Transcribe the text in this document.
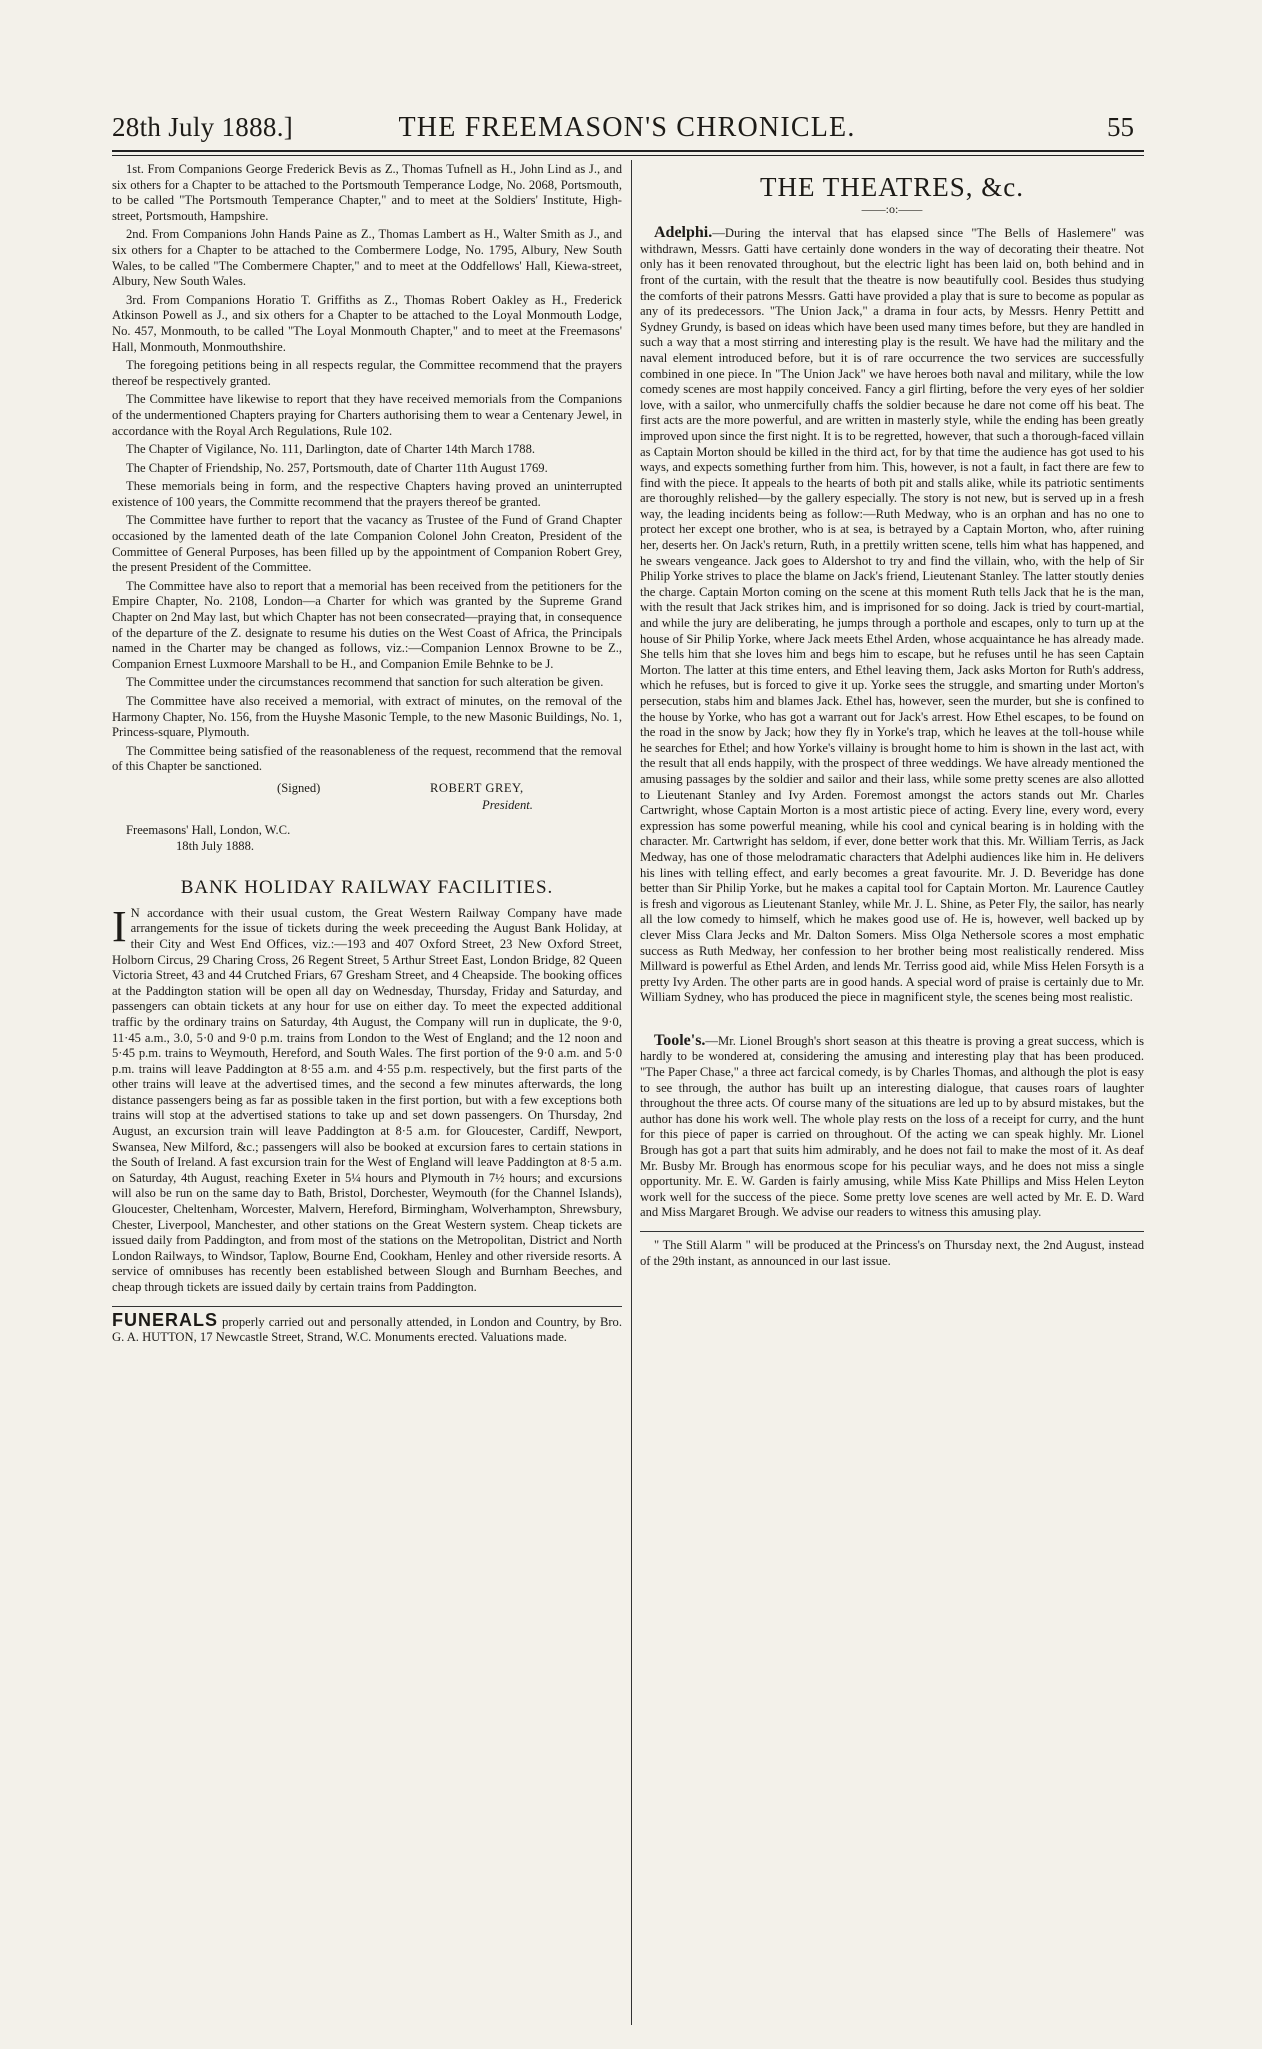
28th July 1888.]	THE FREEMASON'S CHRONICLE.	55

1st. From Companions George Frederick Bevis as Z., Thomas Tufnell as H., John Lind as J., and six others for a Chapter to be attached to the Portsmouth Temperance Lodge, No. 2068, Portsmouth, to be called "The Portsmouth Temperance Chapter," and to meet at the Soldiers' Institute, High-street, Portsmouth, Hampshire.

2nd. From Companions John Hands Paine as Z., Thomas Lambert as H., Walter Smith as J., and six others for a Chapter to be attached to the Combermere Lodge, No. 1795, Albury, New South Wales, to be called "The Combermere Chapter," and to meet at the Oddfellows' Hall, Kiewa-street, Albury, New South Wales.

3rd. From Companions Horatio T. Griffiths as Z., Thomas Robert Oakley as H., Frederick Atkinson Powell as J., and six others for a Chapter to be attached to the Loyal Monmouth Lodge, No. 457, Monmouth, to be called "The Loyal Monmouth Chapter," and to meet at the Freemasons' Hall, Monmouth, Monmouthshire.

The foregoing petitions being in all respects regular, the Committee recommend that the prayers thereof be respectively granted.

The Committee have likewise to report that they have received memorials from the Companions of the undermentioned Chapters praying for Charters authorising them to wear a Centenary Jewel, in accordance with the Royal Arch Regulations, Rule 102.

The Chapter of Vigilance, No. 111, Darlington, date of Charter 14th March 1788.

The Chapter of Friendship, No. 257, Portsmouth, date of Charter 11th August 1769.

These memorials being in form, and the respective Chapters having proved an uninterrupted existence of 100 years, the Committe recommend that the prayers thereof be granted.

The Committee have further to report that the vacancy as Trustee of the Fund of Grand Chapter occasioned by the lamented death of the late Companion Colonel John Creaton, President of the Committee of General Purposes, has been filled up by the appointment of Companion Robert Grey, the present President of the Committee.

The Committee have also to report that a memorial has been received from the petitioners for the Empire Chapter, No. 2108, London—a Charter for which was granted by the Supreme Grand Chapter on 2nd May last, but which Chapter has not been consecrated—praying that, in consequence of the departure of the Z. designate to resume his duties on the West Coast of Africa, the Principals named in the Charter may be changed as follows, viz.:—Companion Lennox Browne to be Z., Companion Ernest Luxmoore Marshall to be H., and Companion Emile Behnke to be J.

The Committee under the circumstances recommend that sanction for such alteration be given.

The Committee have also received a memorial, with extract of minutes, on the removal of the Harmony Chapter, No. 156, from the Huyshe Masonic Temple, to the new Masonic Buildings, No. 1, Princess-square, Plymouth.

The Committee being satisfied of the reasonableness of the request, recommend that the removal of this Chapter be sanctioned.

(Signed)	ROBERT GREY,
President.
Freemasons' Hall, London, W.C.
18th July 1888.
BANK HOLIDAY RAILWAY FACILITIES.

I N accordance with their usual custom, the Great Western Railway Company have made arrangements for the issue of tickets during the week preceeding the August Bank Holiday, at their City and West End Offices, viz.:—193 and 407 Oxford Street, 23 New Oxford Street, Holborn Circus, 29 Charing Cross, 26 Regent Street, 5 Arthur Street East, London Bridge, 82 Queen Victoria Street, 43 and 44 Crutched Friars, 67 Gresham Street, and 4 Cheapside. The booking offices at the Paddington station will be open all day on Wednesday, Thursday, Friday and Saturday, and passengers can obtain tickets at any hour for use on either day. To meet the expected additional traffic by the ordinary trains on Saturday, 4th August, the Company will run in duplicate, the 9·0, 11·45 a.m., 3.0, 5·0 and 9·0 p.m. trains from London to the West of England; and the 12 noon and 5·45 p.m. trains to Weymouth, Hereford, and South Wales. The first portion of the 9·0 a.m. and 5·0 p.m. trains will leave Paddington at 8·55 a.m. and 4·55 p.m. respectively, but the first parts of the other trains will leave at the advertised times, and the second a few minutes afterwards, the long distance passengers being as far as possible taken in the first portion, but with a few exceptions both trains will stop at the advertised stations to take up and set down passengers. On Thursday, 2nd August, an excursion train will leave Paddington at 8·5 a.m. for Gloucester, Cardiff, Newport, Swansea, New Milford, &c.; passengers will also be booked at excursion fares to certain stations in the South of Ireland. A fast excursion train for the West of England will leave Paddington at 8·5 a.m. on Saturday, 4th August, reaching Exeter in 5¼ hours and Plymouth in 7½ hours; and excursions will also be run on the same day to Bath, Bristol, Dorchester, Weymouth (for the Channel Islands), Gloucester, Cheltenham, Worcester, Malvern, Hereford, Birmingham, Wolverhampton, Shrewsbury, Chester, Liverpool, Manchester, and other stations on the Great Western system. Cheap tickets are issued daily from Paddington, and from most of the stations on the Metropolitan, District and North London Railways, to Windsor, Taplow, Bourne End, Cookham, Henley and other riverside resorts. A service of omnibuses has recently been established between Slough and Burnham Beeches, and cheap through tickets are issued daily by certain trains from Paddington.

FUNERALS properly carried out and personally attended, in London and Country, by Bro. G. A. HUTTON, 17 Newcastle Street, Strand, W.C. Monuments erected. Valuations made.

THE THEATRES, &c.
——:o:——

Adelphi.—During the interval that has elapsed since "The Bells of Haslemere" was withdrawn, Messrs. Gatti have certainly done wonders in the way of decorating their theatre. Not only has it been renovated throughout, but the electric light has been laid on, both behind and in front of the curtain, with the result that the theatre is now beautifully cool. Besides thus studying the comforts of their patrons Messrs. Gatti have provided a play that is sure to become as popular as any of its predecessors. "The Union Jack," a drama in four acts, by Messrs. Henry Pettitt and Sydney Grundy, is based on ideas which have been used many times before, but they are handled in such a way that a most stirring and interesting play is the result. We have had the military and the naval element introduced before, but it is of rare occurrence the two services are successfully combined in one piece. In "The Union Jack" we have heroes both naval and military, while the low comedy scenes are most happily conceived. Fancy a girl flirting, before the very eyes of her soldier love, with a sailor, who unmercifully chaffs the soldier because he dare not come off his beat. The first acts are the more powerful, and are written in masterly style, while the ending has been greatly improved upon since the first night. It is to be regretted, however, that such a thorough-faced villain as Captain Morton should be killed in the third act, for by that time the audience has got used to his ways, and expects something further from him. This, however, is not a fault, in fact there are few to find with the piece. It appeals to the hearts of both pit and stalls alike, while its patriotic sentiments are thoroughly relished—by the gallery especially. The story is not new, but is served up in a fresh way, the leading incidents being as follow:—Ruth Medway, who is an orphan and has no one to protect her except one brother, who is at sea, is betrayed by a Captain Morton, who, after ruining her, deserts her. On Jack's return, Ruth, in a prettily written scene, tells him what has happened, and he swears vengeance. Jack goes to Aldershot to try and find the villain, who, with the help of Sir Philip Yorke strives to place the blame on Jack's friend, Lieutenant Stanley. The latter stoutly denies the charge. Captain Morton coming on the scene at this moment Ruth tells Jack that he is the man, with the result that Jack strikes him, and is imprisoned for so doing. Jack is tried by court-martial, and while the jury are deliberating, he jumps through a porthole and escapes, only to turn up at the house of Sir Philip Yorke, where Jack meets Ethel Arden, whose acquaintance he has already made. She tells him that she loves him and begs him to escape, but he refuses until he has seen Captain Morton. The latter at this time enters, and Ethel leaving them, Jack asks Morton for Ruth's address, which he refuses, but is forced to give it up. Yorke sees the struggle, and smarting under Morton's persecution, stabs him and blames Jack. Ethel has, however, seen the murder, but she is confined to the house by Yorke, who has got a warrant out for Jack's arrest. How Ethel escapes, to be found on the road in the snow by Jack; how they fly in Yorke's trap, which he leaves at the toll-house while he searches for Ethel; and how Yorke's villainy is brought home to him is shown in the last act, with the result that all ends happily, with the prospect of three weddings. We have already mentioned the amusing passages by the soldier and sailor and their lass, while some pretty scenes are also allotted to Lieutenant Stanley and Ivy Arden. Foremost amongst the actors stands out Mr. Charles Cartwright, whose Captain Morton is a most artistic piece of acting. Every line, every word, every expression has some powerful meaning, while his cool and cynical bearing is in holding with the character. Mr. Cartwright has seldom, if ever, done better work that this. Mr. William Terris, as Jack Medway, has one of those melodramatic characters that Adelphi audiences like him in. He delivers his lines with telling effect, and early becomes a great favourite. Mr. J. D. Beveridge has done better than Sir Philip Yorke, but he makes a capital tool for Captain Morton. Mr. Laurence Cautley is fresh and vigorous as Lieutenant Stanley, while Mr. J. L. Shine, as Peter Fly, the sailor, has nearly all the low comedy to himself, which he makes good use of. He is, however, well backed up by clever Miss Clara Jecks and Mr. Dalton Somers. Miss Olga Nethersole scores a most emphatic success as Ruth Medway, her confession to her brother being most realistically rendered. Miss Millward is powerful as Ethel Arden, and lends Mr. Terriss good aid, while Miss Helen Forsyth is a pretty Ivy Arden. The other parts are in good hands. A special word of praise is certainly due to Mr. William Sydney, who has produced the piece in magnificent style, the scenes being most realistic.

Toole's.—Mr. Lionel Brough's short season at this theatre is proving a great success, which is hardly to be wondered at, considering the amusing and interesting play that has been produced. "The Paper Chase," a three act farcical comedy, is by Charles Thomas, and although the plot is easy to see through, the author has built up an interesting dialogue, that causes roars of laughter throughout the three acts. Of course many of the situations are led up to by absurd mistakes, but the author has done his work well. The whole play rests on the loss of a receipt for curry, and the hunt for this piece of paper is carried on throughout. Of the acting we can speak highly. Mr. Lionel Brough has got a part that suits him admirably, and he does not fail to make the most of it. As deaf Mr. Busby Mr. Brough has enormous scope for his peculiar ways, and he does not miss a single opportunity. Mr. E. W. Garden is fairly amusing, while Miss Kate Phillips and Miss Helen Leyton work well for the success of the piece. Some pretty love scenes are well acted by Mr. E. D. Ward and Miss Margaret Brough. We advise our readers to witness this amusing play.

" The Still Alarm " will be produced at the Princess's on Thursday next, the 2nd August, instead of the 29th instant, as announced in our last issue.
